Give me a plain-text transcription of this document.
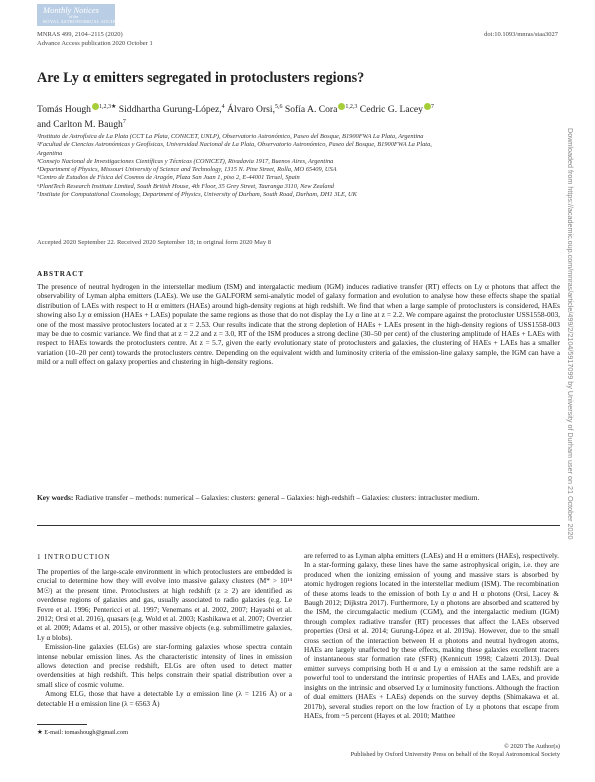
Monthly Notices
of the
ROYAL ASTRONOMICAL SOCIETY
MNRAS 499, 2104–2115 (2020)
Advance Access publication 2020 October 1
doi:10.1093/mnras/staa3027
Are Ly α emitters segregated in protoclusters regions?
Tomás Hough $^{1,2,3★}$ Siddhartha Gurung-López,$^4$ Álvaro Orsi,$^{5,6}$ Sofía A. Cora $^{1,2,3}$ Cedric G. Lacey $^7$
and Carlton M. Baugh$^7$
¹Instituto de Astrofísica de La Plata (CCT La Plata, CONICET, UNLP), Observatorio Astronómico, Paseo del Bosque, B1900FWA La Plata, Argentina
²Facultad de Ciencias Astronómicas y Geofísicas, Universidad Nacional de La Plata, Observatorio Astronómico, Paseo del Bosque, B1900FWA La Plata,
Argentina
³Consejo Nacional de Investigaciones Científicas y Técnicas (CONICET), Rivadavia 1917, Buenos Aires, Argentina
⁴Department of Physics, Missouri University of Science and Technology, 1315 N. Pine Street, Rolla, MO 65409, USA
⁵Centro de Estudios de Física del Cosmos de Aragón, Plaza San Juan 1, piso 2, E-44001 Teruel, Spain
⁶PlantTech Research Institute Limited, South British House, 4th Floor, 35 Grey Street, Tauranga 3110, New Zealand
⁷Institute for Computational Cosmology, Department of Physics, University of Durham, South Road, Durham, DH1 3LE, UK
Accepted 2020 September 22. Received 2020 September 18; in original form 2020 May 8
ABSTRACT
The presence of neutral hydrogen in the interstellar medium (ISM) and intergalactic medium (IGM) induces radiative transfer (RT) effects on Ly α photons that affect the observability of Lyman alpha emitters (LAEs). We use the GALFORM semi-analytic model of galaxy formation and evolution to analyse how these effects shape the spatial distribution of LAEs with respect to H α emitters (HAEs) around high-density regions at high redshift. We find that when a large sample of protoclusters is considered, HAEs showing also Ly α emission (HAEs + LAEs) populate the same regions as those that do not display the Ly α line at z = 2.2. We compare against the protocluster USS1558-003, one of the most massive protoclusters located at z = 2.53. Our results indicate that the strong depletion of HAEs + LAEs present in the high-density regions of USS1558-003 may be due to cosmic variance. We find that at z = 2.2 and z = 3.0, RT of the ISM produces a strong decline (30–50 per cent) of the clustering amplitude of HAEs + LAEs with respect to HAEs towards the protoclusters centre. At z = 5.7, given the early evolutionary state of protoclusters and galaxies, the clustering of HAEs + LAEs has a smaller variation (10–20 per cent) towards the protoclusters centre. Depending on the equivalent width and luminosity criteria of the emission-line galaxy sample, the IGM can have a mild or a null effect on galaxy properties and clustering in high-density regions.
Key words: Radiative transfer – methods: numerical – Galaxies: clusters: general – Galaxies: high-redshift – Galaxies: clusters: intracluster medium.
1 INTRODUCTION

The properties of the large-scale environment in which protoclusters are embedded is crucial to determine how they will evolve into massive galaxy clusters (M* > 10¹⁴ M☉) at the present time. Protoclusters at high redshift (z ≥ 2) are identified as overdense regions of galaxies and gas, usually associated to radio galaxies (e.g. Le Fevre et al. 1996; Pentericci et al. 1997; Venemans et al. 2002, 2007; Hayashi et al. 2012; Orsi et al. 2016), quasars (e.g. Wold et al. 2003; Kashikawa et al. 2007; Overzier et al. 2009; Adams et al. 2015), or other massive objects (e.g. submillimetre galaxies, Ly α blobs).

Emission-line galaxies (ELGs) are star-forming galaxies whose spectra contain intense nebular emission lines. As the characteristic intensity of lines in emission allows detection and precise redshift, ELGs are often used to detect matter overdensities at high redshift. This helps constrain their spatial distribution over a small slice of cosmic volume.

Among ELG, those that have a detectable Ly α emission line (λ = 1216 Å) or a detectable H α emission line (λ = 6563 Å)

are referred to as Lyman alpha emitters (LAEs) and H α emitters (HAEs), respectively. In a star-forming galaxy, these lines have the same astrophysical origin, i.e. they are produced when the ionizing emission of young and massive stars is absorbed by atomic hydrogen regions located in the interstellar medium (ISM). The recombination of these atoms leads to the emission of both Ly α and H α photons (Orsi, Lacey & Baugh 2012; Dijkstra 2017). Furthermore, Ly α photons are absorbed and scattered by the ISM, the circumgalactic medium (CGM), and the intergalactic medium (IGM) through complex radiative transfer (RT) processes that affect the LAEs observed properties (Orsi et al. 2014; Gurung-López et al. 2019a). However, due to the small cross section of the interaction between H α photons and neutral hydrogen atoms, HAEs are largely unaffected by these effects, making these galaxies excellent tracers of instantaneous star formation rate (SFR) (Kennicutt 1998; Calzetti 2013). Dual emitter surveys comprising both H α and Ly α emission at the same redshift are a powerful tool to understand the intrinsic properties of HAEs and LAEs, and provide insights on the intrinsic and observed Ly α luminosity functions. Although the fraction of dual emitters (HAEs + LAEs) depends on the survey depths (Shimakawa et al. 2017b), several studies report on the low fraction of Ly α photons that escape from HAEs, from ~5 percent (Hayes et al. 2010; Matthee

★ E-mail: tomashough@gmail.com
© 2020 The Author(s)
Published by Oxford University Press on behalf of the Royal Astronomical Society
Downloaded from https://academic.oup.com/mnras/article/499/2/2104/5917099 by University of Durham user on 21 October 2020
